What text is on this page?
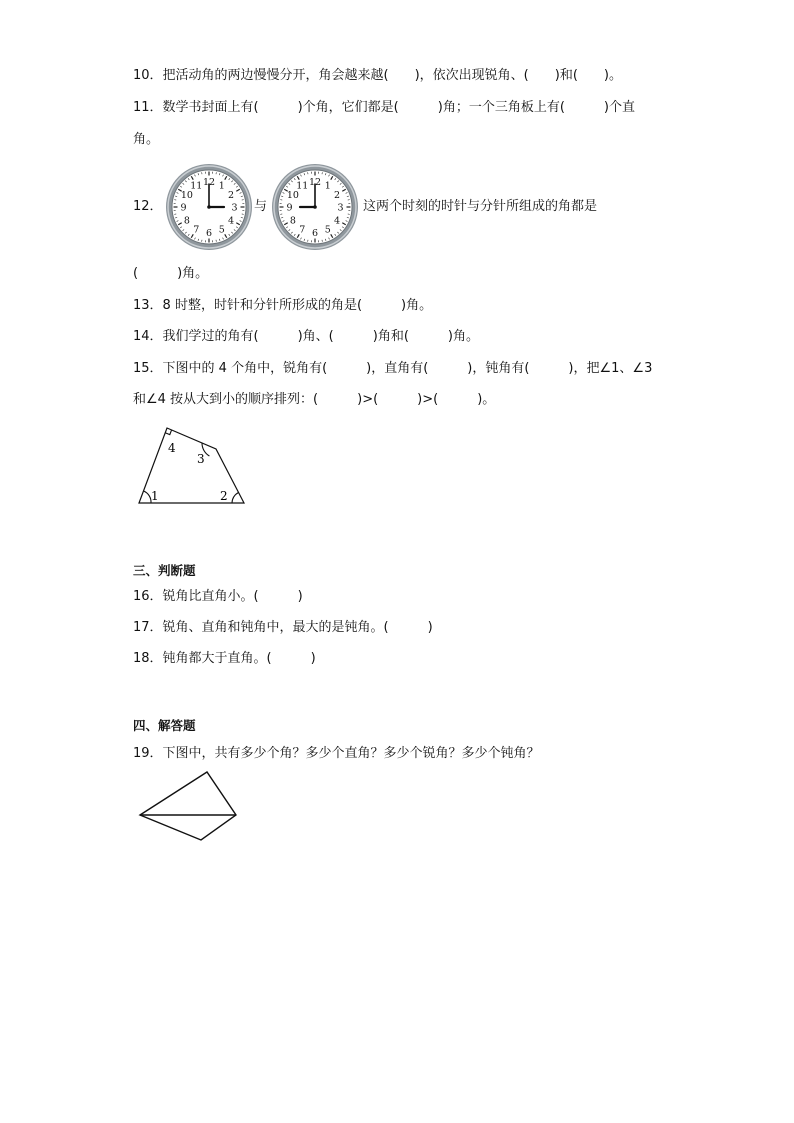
10．把活动角的两边慢慢分开，角会越来越(　　)，依次出现锐角、(　　)和(　　)。
11．数学书封面上有(　　　)个角，它们都是(　　　)角；一个三角板上有(　　　)个直
角。
12．
12 1
2
3
4
5
6
7
8
9
10
11
与
12 1
2
3
4
5
6
7
8
9
10
11
这两个时刻的时针与分针所组成的角都是
(　　　)角。
13．8 时整，时针和分针所形成的角是(　　　)角。
14．我们学过的角有(　　　)角、(　　　)角和(　　　)角。
15．下图中的 4 个角中，锐角有(　　　)，直角有(　　　)，钝角有(　　　)，把∠1、∠3
和∠4 按从大到小的顺序排列：(　　　)>(　　　)>(　　　)。
4
3
1	2
三、判断题
16．锐角比直角小。(　　　)
17．锐角、直角和钝角中，最大的是钝角。(　　　)
18．钝角都大于直角。(　　　)
四、解答题
19．下图中，共有多少个角？多少个直角？多少个锐角？多少个钝角？
